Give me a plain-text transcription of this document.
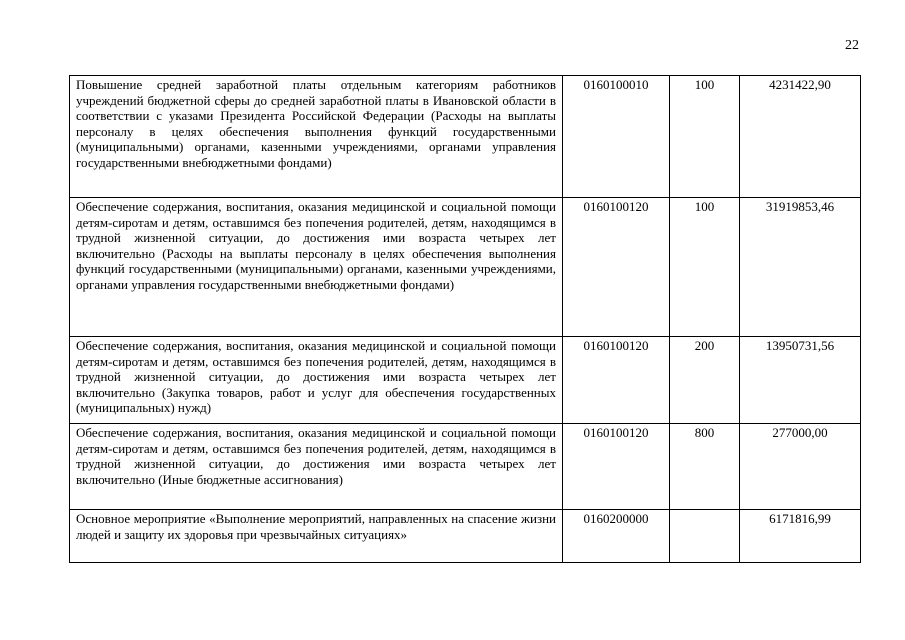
22
Повышение средней заработной платы отдельным категориям работников учреждений бюджетной сферы до средней заработной платы в Ивановской области в соответствии с указами Президента Российской Федерации (Расходы на выплаты персоналу в целях обеспечения выполнения функций государственными (муниципальными) органами, казенными учреждениями, органами управления государственными внебюджетными фондами)	0160100010	100	4231422,90
Обеспечение содержания, воспитания, оказания медицинской и социальной помощи детям-сиротам и детям, оставшимся без попечения родителей, детям, находящимся в трудной жизненной ситуации, до достижения ими возраста четырех лет включительно (Расходы на выплаты персоналу в целях обеспечения выполнения функций государственными (муниципальными) органами, казенными учреждениями, органами управления государственными внебюджетными фондами)	0160100120	100	31919853,46
Обеспечение содержания, воспитания, оказания медицинской и социальной помощи детям-сиротам и детям, оставшимся без попечения родителей, детям, находящимся в трудной жизненной ситуации, до достижения ими возраста четырех лет включительно (Закупка товаров, работ и услуг для обеспечения государственных (муниципальных) нужд)	0160100120	200	13950731,56
Обеспечение содержания, воспитания, оказания медицинской и социальной помощи детям-сиротам и детям, оставшимся без попечения родителей, детям, находящимся в трудной жизненной ситуации, до достижения ими возраста четырех лет включительно (Иные бюджетные ассигнования)	0160100120	800	277000,00
Основное мероприятие «Выполнение мероприятий, направленных на спасение жизни людей и защиту их здоровья при чрезвычайных ситуациях»	0160200000		6171816,99
